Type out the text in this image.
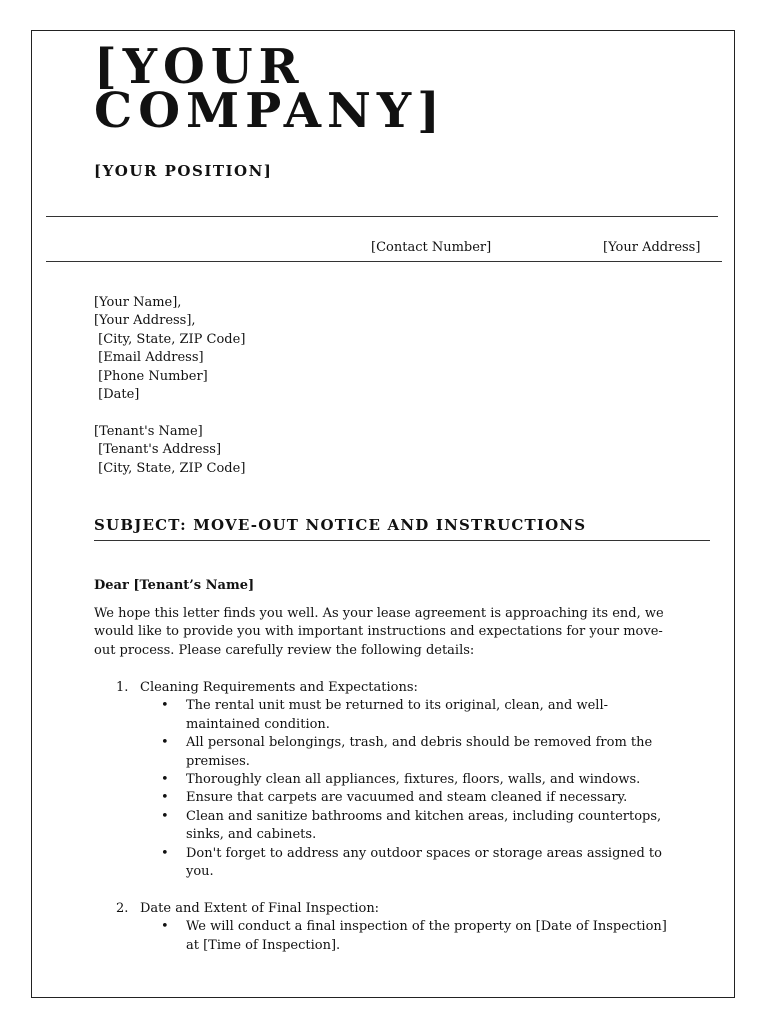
[YOUR
COMPANY]
[YOUR POSITION]
[Contact Number]	[Your Address]
[Your Name],
[Your Address],
[City, State, ZIP Code]
[Email Address]
[Phone Number]
[Date]
[Tenant's Name]
[Tenant's Address]
[City, State, ZIP Code]
SUBJECT: MOVE-OUT NOTICE AND INSTRUCTIONS
Dear [Tenant’s Name]
We hope this letter finds you well. As your lease agreement is approaching its end, we would like to provide you with important instructions and expectations for your move-out process. Please carefully review the following details:
1. Cleaning Requirements and Expectations:
• The rental unit must be returned to its original, clean, and well-maintained condition.
• All personal belongings, trash, and debris should be removed from the premises.
• Thoroughly clean all appliances, fixtures, floors, walls, and windows.
• Ensure that carpets are vacuumed and steam cleaned if necessary.
• Clean and sanitize bathrooms and kitchen areas, including countertops, sinks, and cabinets.
• Don't forget to address any outdoor spaces or storage areas assigned to you.
2. Date and Extent of Final Inspection:
• We will conduct a final inspection of the property on [Date of Inspection] at [Time of Inspection].
